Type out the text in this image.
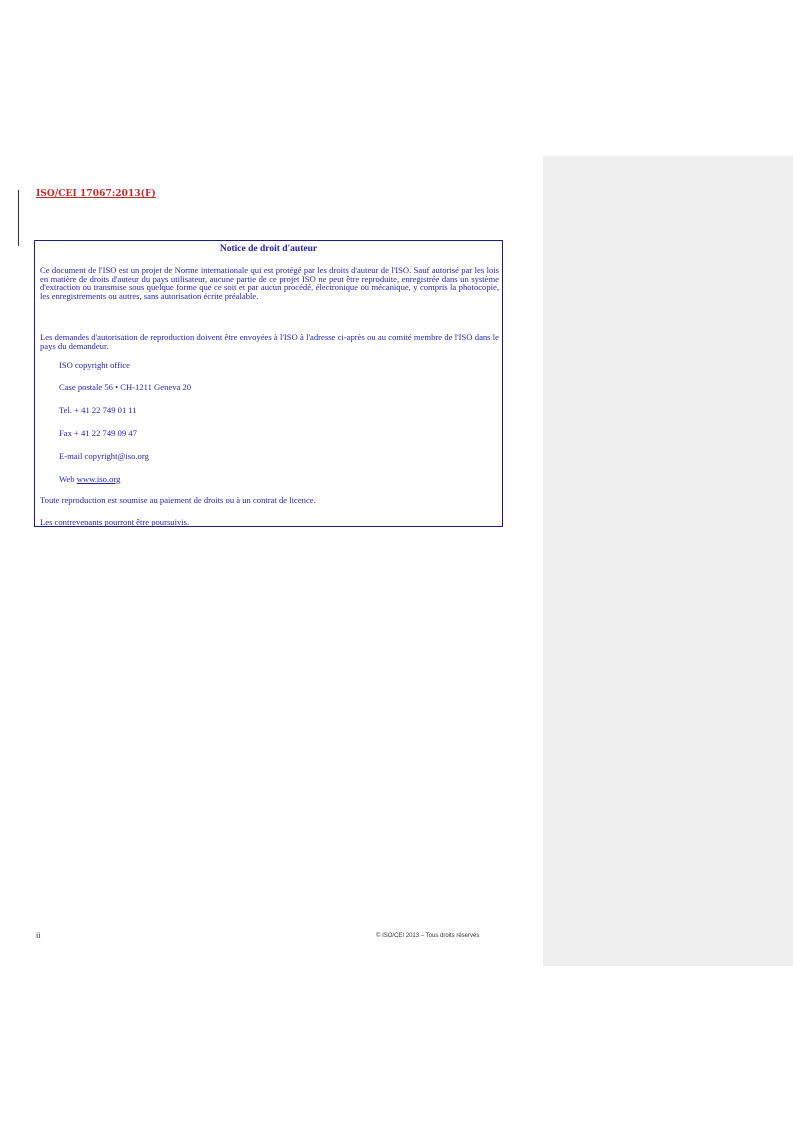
ISO/CEI 17067:2013(F)
Notice de droit d'auteur
Ce document de l'ISO est un projet de Norme internationale qui est protégé par les droits d'auteur de l'ISO. Sauf autorisé par les lois en matière de droits d'auteur du pays utilisateur, aucune partie de ce projet ISO ne peut être reproduite, enregistrée dans un système d'extraction ou transmise sous quelque forme que ce soit et par aucun procédé, électronique ou mécanique, y compris la photocopie, les enregistrements ou autres, sans autorisation écrite préalable.
Les demandes d'autorisation de reproduction doivent être envoyées à l'ISO à l'adresse ci-après ou au comité membre de l'ISO dans le pays du demandeur.
ISO copyright office
Case postale 56 • CH-1211 Geneva 20
Tel. + 41 22 749 01 11
Fax + 41 22 749 09 47
E-mail copyright@iso.org
Web www.iso.org
Toute reproduction est soumise au paiement de droits ou à un contrat de licence.
Les contrevenants pourront être poursuivis.
ii	© ISO/CEI 2013 – Tous droits réservés
